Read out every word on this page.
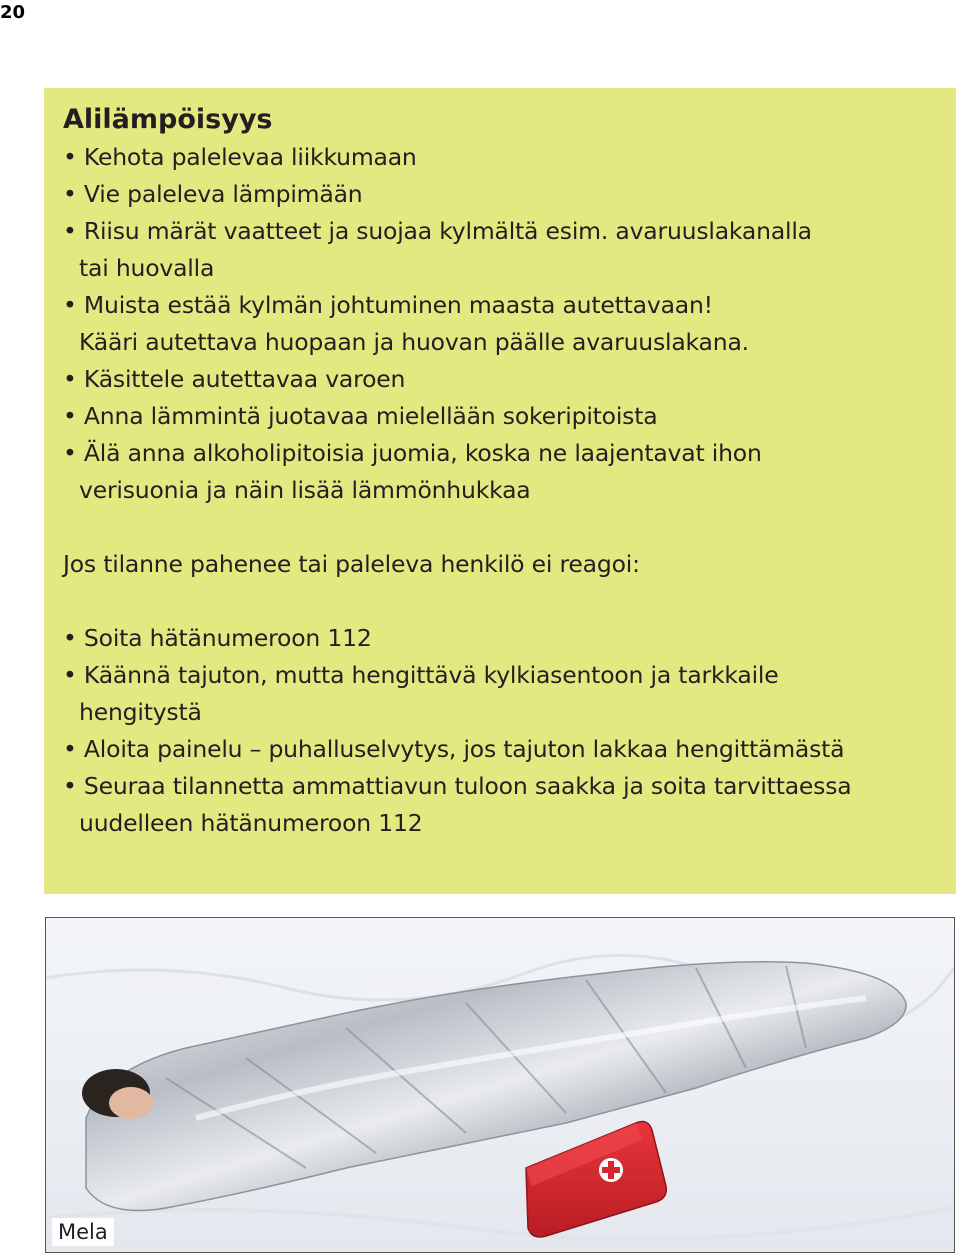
20
Alilämpöisyys
• Kehota palelevaa liikkumaan
• Vie paleleva lämpimään
• Riisu märät vaatteet ja suojaa kylmältä esim. avaruuslakanalla
tai huovalla
• Muista estää kylmän johtuminen maasta autettavaan!
Kääri autettava huopaan ja huovan päälle avaruuslakana.
• Käsittele autettavaa varoen
• Anna lämmintä juotavaa mielellään sokeripitoista
• Älä anna alkoholipitoisia juomia, koska ne laajentavat ihon
verisuonia ja näin lisää lämmönhukkaa
Jos tilanne pahenee tai paleleva henkilö ei reagoi:
• Soita hätänumeroon 112
• Käännä tajuton, mutta hengittävä kylkiasentoon ja tarkkaile
hengitystä
• Aloita painelu – puhalluselvytys, jos tajuton lakkaa hengittämästä
• Seuraa tilannetta ammattiavun tuloon saakka ja soita tarvittaessa
uudelleen hätänumeroon 112
Mela
